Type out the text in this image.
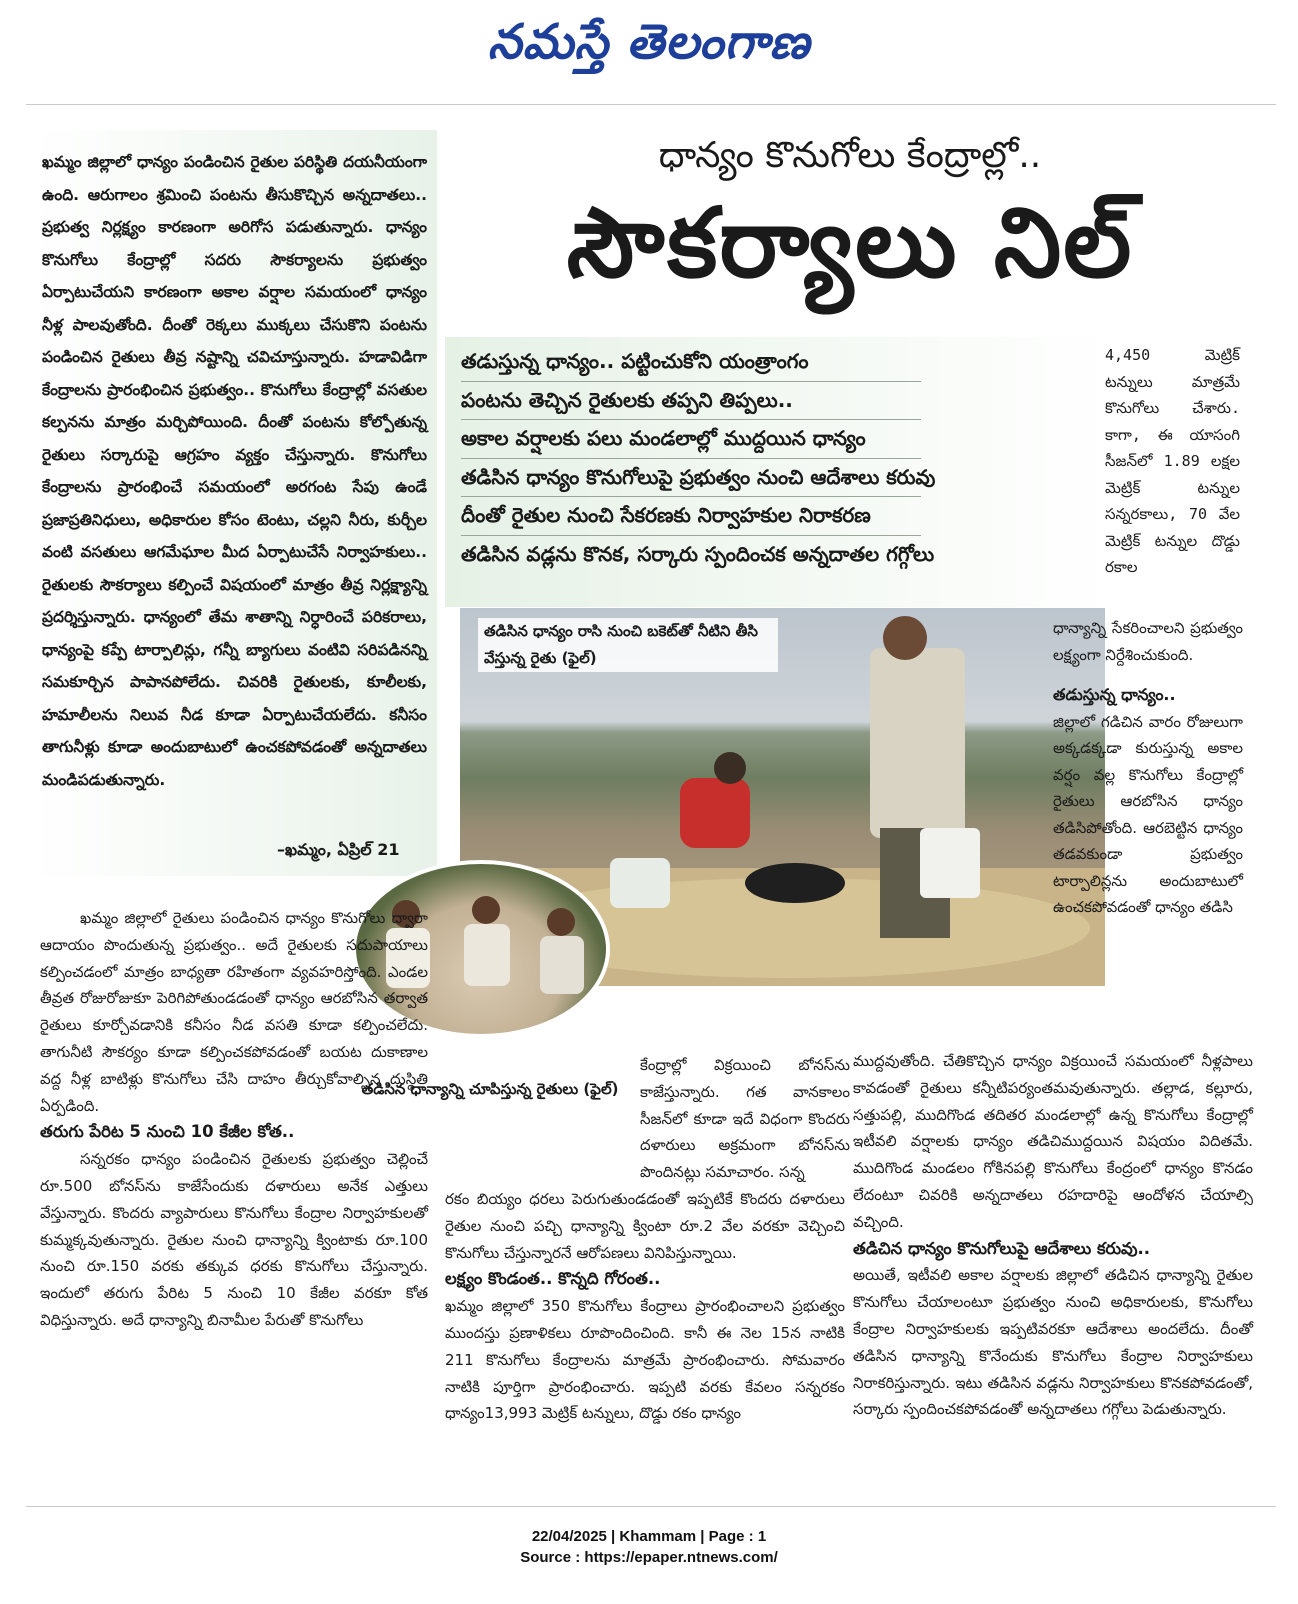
నమస్తే తెలంగాణ

ఖమ్మం జిల్లాలో ధాన్యం పండించిన రైతుల పరిస్థితి దయనీయంగా ఉంది. ఆరుగాలం శ్రమించి పంటను తీసుకొచ్చిన అన్నదాతలు.. ప్రభుత్వ నిర్లక్ష్యం కారణంగా అరిగోస పడుతున్నారు. ధాన్యం కొనుగోలు కేంద్రాల్లో సదరు సౌకర్యాలను ప్రభుత్వం ఏర్పాటుచేయని కారణంగా అకాల వర్షాల సమయంలో ధాన్యం నీళ్ల పాలవుతోంది. దీంతో రెక్కలు ముక్కలు చేసుకొని పంటను పండించిన రైతులు తీవ్ర నష్టాన్ని చవిచూస్తున్నారు. హడావిడిగా కేంద్రాలను ప్రారంభించిన ప్రభుత్వం.. కొనుగోలు కేంద్రాల్లో వసతుల కల్పనను మాత్రం మర్చిపోయింది. దీంతో పంటను కోల్పోతున్న రైతులు సర్కారుపై ఆగ్రహం వ్యక్తం చేస్తున్నారు. కొనుగోలు కేంద్రాలను ప్రారంభించే సమయంలో అరగంట సేపు ఉండే ప్రజాప్రతినిధులు, అధికారుల కోసం టెంటు, చల్లని నీరు, కుర్చీల వంటి వసతులు ఆగమేఘాల మీద ఏర్పాటుచేసే నిర్వాహకులు.. రైతులకు సౌకర్యాలు కల్పించే విషయంలో మాత్రం తీవ్ర నిర్లక్ష్యాన్ని ప్రదర్శిస్తున్నారు. ధాన్యంలో తేమ శాతాన్ని నిర్ధారించే పరికరాలు, ధాన్యంపై కప్పే టార్పాలిన్లు, గన్నీ బ్యాగులు వంటివి సరిపడినన్ని సమకూర్చిన పాపానపోలేదు. చివరికి రైతులకు, కూలీలకు, హమాలీలను నిలువ నీడ కూడా ఏర్పాటుచేయలేదు. కనీసం తాగునీళ్లు కూడా అందుబాటులో ఉంచకపోవడంతో అన్నదాతలు మండిపడుతున్నారు.

–ఖమ్మం, ఏప్రిల్ 21
ధాన్యం కొనుగోలు కేంద్రాల్లో..
సౌకర్యాలు నిల్
తడుస్తున్న ధాన్యం.. పట్టించుకోని యంత్రాంగం
పంటను తెచ్చిన రైతులకు తప్పని తిప్పలు..
అకాల వర్షాలకు పలు మండలాల్లో ముద్దయిన ధాన్యం
తడిసిన ధాన్యం కొనుగోలుపై ప్రభుత్వం నుంచి ఆదేశాలు కరువు
దీంతో రైతుల నుంచి సేకరణకు నిర్వాహకుల నిరాకరణ
తడిసిన వడ్లను కొనక, సర్కారు స్పందించక అన్నదాతల గగ్గోలు

4,450 మెట్రిక్ టన్నులు మాత్రమే కొనుగోలు చేశారు. కాగా, ఈ యాసంగి సీజన్‌లో 1.89 లక్షల మెట్రిక్ టన్నుల సన్నరకాలు, 70 వేల మెట్రిక్ టన్నుల దొడ్డు రకాల

తడిసిన ధాన్యం రాసి నుంచి బకెట్‌తో నీటిని తీసి వేస్తున్న రైతు (ఫైల్)
తడిసిన ధాన్యాన్ని చూపిస్తున్న రైతులు (ఫైల్)

ధాన్యాన్ని సేకరించాలని ప్రభుత్వం లక్ష్యంగా నిర్దేశించుకుంది.

తడుస్తున్న ధాన్యం..

జిల్లాలో గడిచిన వారం రోజులుగా అక్కడక్కడా కురుస్తున్న అకాల వర్షం వల్ల కొనుగోలు కేంద్రాల్లో రైతులు ఆరబోసిన ధాన్యం తడిసిపోతోంది. ఆరబెట్టిన ధాన్యం తడవకుండా ప్రభుత్వం టార్పాలిన్లను అందుబాటులో ఉంచకపోవడంతో ధాన్యం తడిసి

ఖమ్మం జిల్లాలో రైతులు పండించిన ధాన్యం కొనుగోలు ద్వారా ఆదాయం పొందుతున్న ప్రభుత్వం.. అదే రైతులకు సదుపాయాలు కల్పించడంలో మాత్రం బాధ్యతా రహితంగా వ్యవహరిస్తోంది. ఎండల తీవ్రత రోజురోజుకూ పెరిగిపోతుండడంతో ధాన్యం ఆరబోసిన తర్వాత రైతులు కూర్చోవడానికి కనీసం నీడ వసతి కూడా కల్పించలేదు. తాగునీటి సౌకర్యం కూడా కల్పించకపోవడంతో బయట దుకాణాల వద్ద నీళ్ల బాటిళ్లు కొనుగోలు చేసి దాహం తీర్చుకోవాల్సిన దుస్థితి ఏర్పడింది.

తరుగు పేరిట 5 నుంచి 10 కేజీల కోత..

సన్నరకం ధాన్యం పండించిన రైతులకు ప్రభుత్వం చెల్లించే రూ.500 బోనస్‌ను కాజేసేందుకు దళారులు అనేక ఎత్తులు వేస్తున్నారు. కొందరు వ్యాపారులు కొనుగోలు కేంద్రాల నిర్వాహకులతో కుమ్మక్కవుతున్నారు. రైతుల నుంచి ధాన్యాన్ని క్వింటాకు రూ.100 నుంచి రూ.150 వరకు తక్కువ ధరకు కొనుగోలు చేస్తున్నారు. ఇందులో తరుగు పేరిట 5 నుంచి 10 కేజీల వరకూ కోత విధిస్తున్నారు. అదే ధాన్యాన్ని బినామీల పేరుతో కొనుగోలు

కేంద్రాల్లో విక్రయించి బోనస్‌ను కాజేస్తున్నారు. గత వానకాలం సీజన్‌లో కూడా ఇదే విధంగా కొందరు దళారులు అక్రమంగా బోనస్‌ను పొందినట్లు సమాచారం. సన్న

రకం బియ్యం ధరలు పెరుగుతుండడంతో ఇప్పటికే కొందరు దళారులు రైతుల నుంచి పచ్చి ధాన్యాన్ని క్వింటా రూ.2 వేల వరకూ వెచ్చించి కొనుగోలు చేస్తున్నారనే ఆరోపణలు వినిపిస్తున్నాయి.

లక్ష్యం కొండంత.. కొన్నది గోరంత..

ఖమ్మం జిల్లాలో 350 కొనుగోలు కేంద్రాలు ప్రారంభించాలని ప్రభుత్వం ముందస్తు ప్రణాళికలు రూపొందించింది. కానీ ఈ నెల 15న నాటికి 211 కొనుగోలు కేంద్రాలను మాత్రమే ప్రారంభించారు. సోమవారం నాటికి పూర్తిగా ప్రారంభించారు. ఇప్పటి వరకు కేవలం సన్నరకం ధాన్యం13,993 మెట్రిక్ టన్నులు, దొడ్డు రకం ధాన్యం

ముద్దవుతోంది. చేతికొచ్చిన ధాన్యం విక్రయించే సమయంలో నీళ్లపాలు కావడంతో రైతులు కన్నీటిపర్యంతమవుతున్నారు. తల్లాడ, కల్లూరు, సత్తుపల్లి, ముదిగొండ తదితర మండలాల్లో ఉన్న కొనుగోలు కేంద్రాల్లో ఇటీవలి వర్షాలకు ధాన్యం తడిచిముద్దయిన విషయం విదితమే. ముదిగొండ మండలం గోకినపల్లి కొనుగోలు కేంద్రంలో ధాన్యం కొనడం లేదంటూ చివరికి అన్నదాతలు రహదారిపై ఆందోళన చేయాల్సి వచ్చింది.

తడిచిన ధాన్యం కొనుగోలుపై ఆదేశాలు కరువు..

అయితే, ఇటీవలి అకాల వర్షాలకు జిల్లాలో తడిచిన ధాన్యాన్ని రైతుల కొనుగోలు చేయాలంటూ ప్రభుత్వం నుంచి అధికారులకు, కొనుగోలు కేంద్రాల నిర్వాహకులకు ఇప్పటివరకూ ఆదేశాలు అందలేదు. దీంతో తడిసిన ధాన్యాన్ని కొనేందుకు కొనుగోలు కేంద్రాల నిర్వాహకులు నిరాకరిస్తున్నారు. ఇటు తడిసిన వడ్లను నిర్వాహకులు కొనకపోవడంతో, సర్కారు స్పందించకపోవడంతో అన్నదాతలు గగ్గోలు పెడుతున్నారు.

22/04/2025 | Khammam | Page : 1
Source : https://epaper.ntnews.com/
